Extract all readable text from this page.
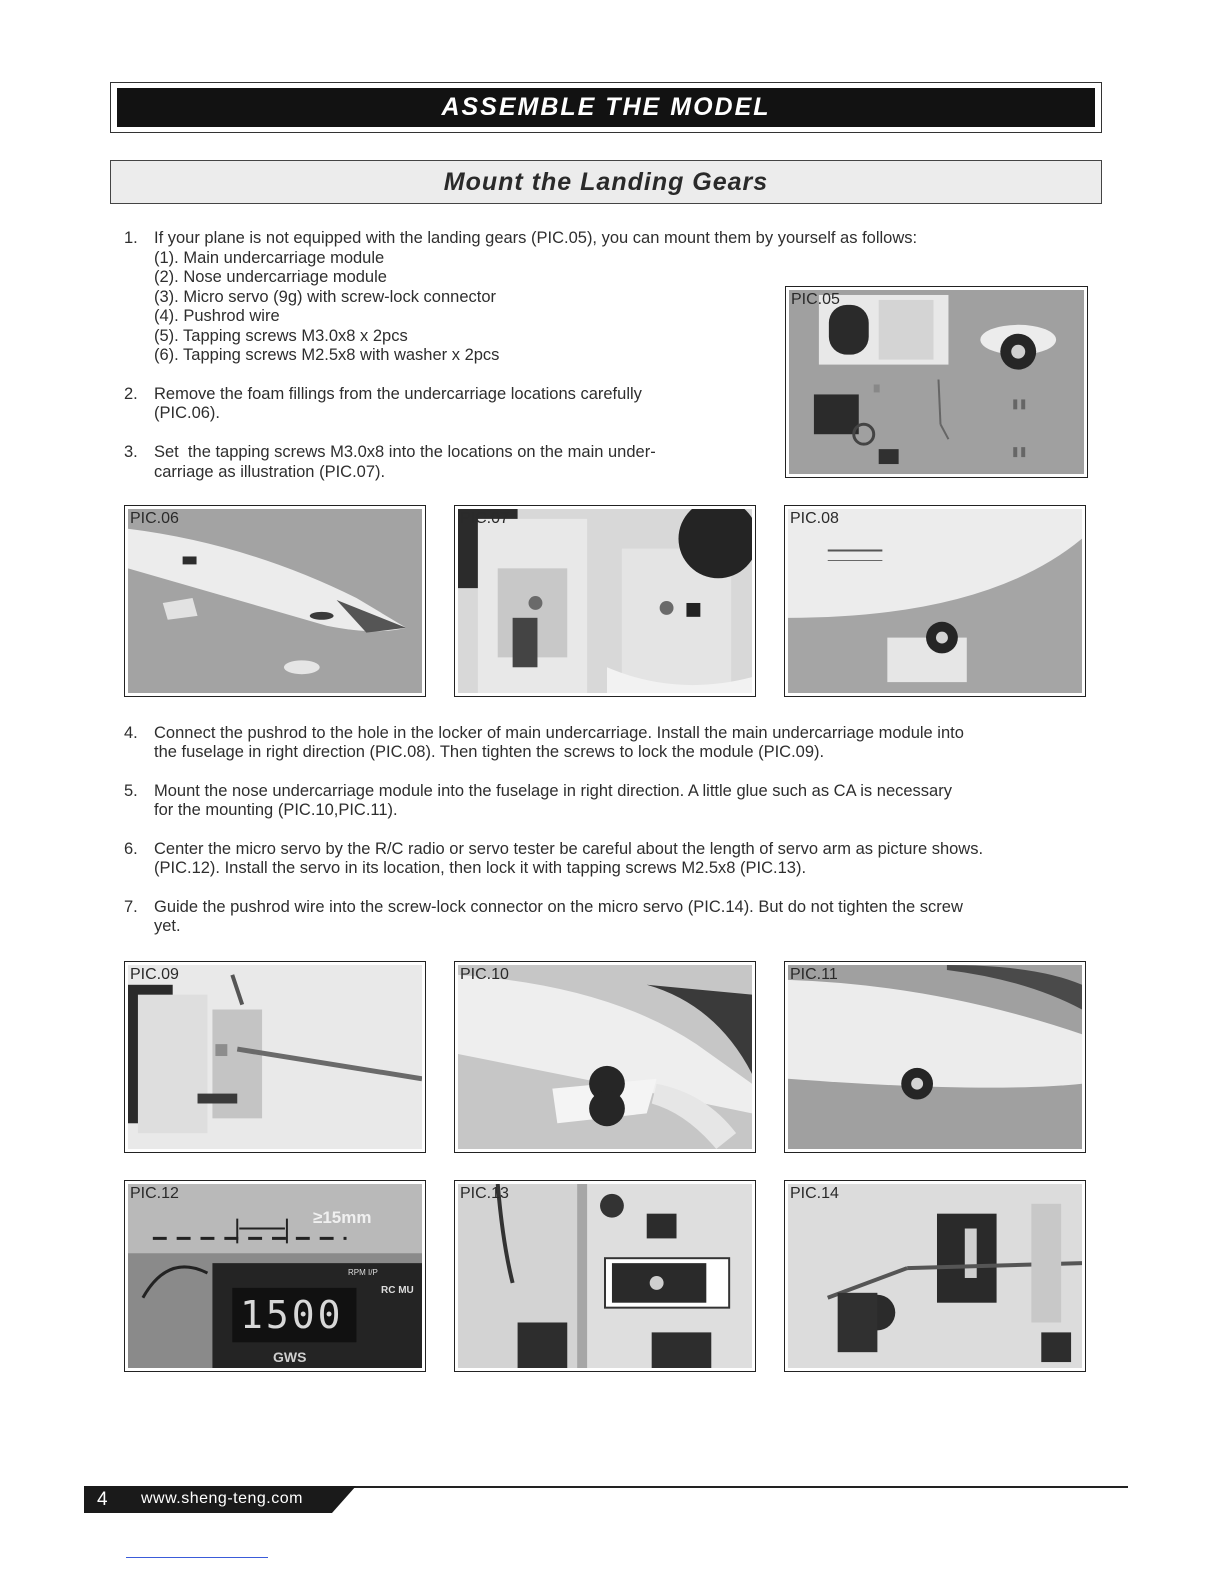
ASSEMBLE THE MODEL
Mount the Landing Gears
1. If your plane is not equipped with the landing gears (PIC.05), you can mount them by yourself as follows:
(1). Main undercarriage module
(2). Nose undercarriage module
(3). Micro servo (9g) with screw-lock connector
(4). Pushrod wire
(5). Tapping screws M3.0x8 x 2pcs
(6). Tapping screws M2.5x8 with washer x 2pcs
2. Remove the foam fillings from the undercarriage locations carefully
(PIC.06).
3. Set  the tapping screws M3.0x8 into the locations on the main under-
carriage as illustration (PIC.07).
PIC.05
PIC.06	PIC.07	PIC.08
4. Connect the pushrod to the hole in the locker of main undercarriage. Install the main undercarriage module into
the fuselage in right direction (PIC.08). Then tighten the screws to lock the module (PIC.09).
5. Mount the nose undercarriage module into the fuselage in right direction. A little glue such as CA is necessary
for the mounting (PIC.10,PIC.11).
6. Center the micro servo by the R/C radio or servo tester be careful about the length of servo arm as picture shows.
(PIC.12). Install the servo in its location, then lock it with tapping screws M2.5x8 (PIC.13).
7. Guide the pushrod wire into the screw-lock connector on the micro servo (PIC.14). But do not tighten the screw
yet.
PIC.09	PIC.10	PIC.11
PIC.12
≥15mm
RPM I/P
RC MU
1500
GWS
PIC.13	PIC.14
4 www.sheng-teng.com
